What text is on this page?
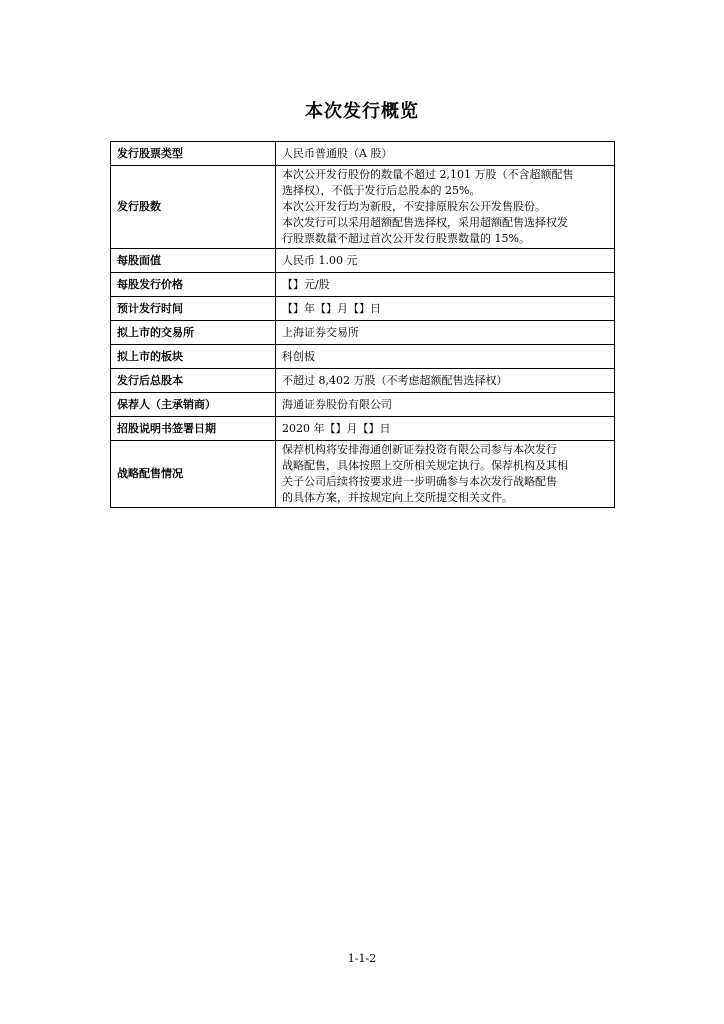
本次发行概览
发行股票类型	人民币普通股（A 股）

发行股数	本次公开发行股份的数量不超过 2,101 万股（不含超额配售
选择权），不低于发行后总股本的 25%。
本次公开发行均为新股，不安排原股东公开发售股份。
本次发行可以采用超额配售选择权，采用超额配售选择权发
行股票数量不超过首次公开发行股票数量的 15%。

每股面值	人民币 1.00 元

每股发行价格	【】元/股

预计发行时间	【】年【】月【】日

拟上市的交易所	上海证券交易所

拟上市的板块	科创板

发行后总股本	不超过 8,402 万股（不考虑超额配售选择权）

保荐人（主承销商）	海通证券股份有限公司

招股说明书签署日期	2020 年【】月【】日

战略配售情况	保荐机构将安排海通创新证券投资有限公司参与本次发行
战略配售，具体按照上交所相关规定执行。保荐机构及其相
关子公司后续将按要求进一步明确参与本次发行战略配售
的具体方案，并按规定向上交所提交相关文件。
1-1-2
